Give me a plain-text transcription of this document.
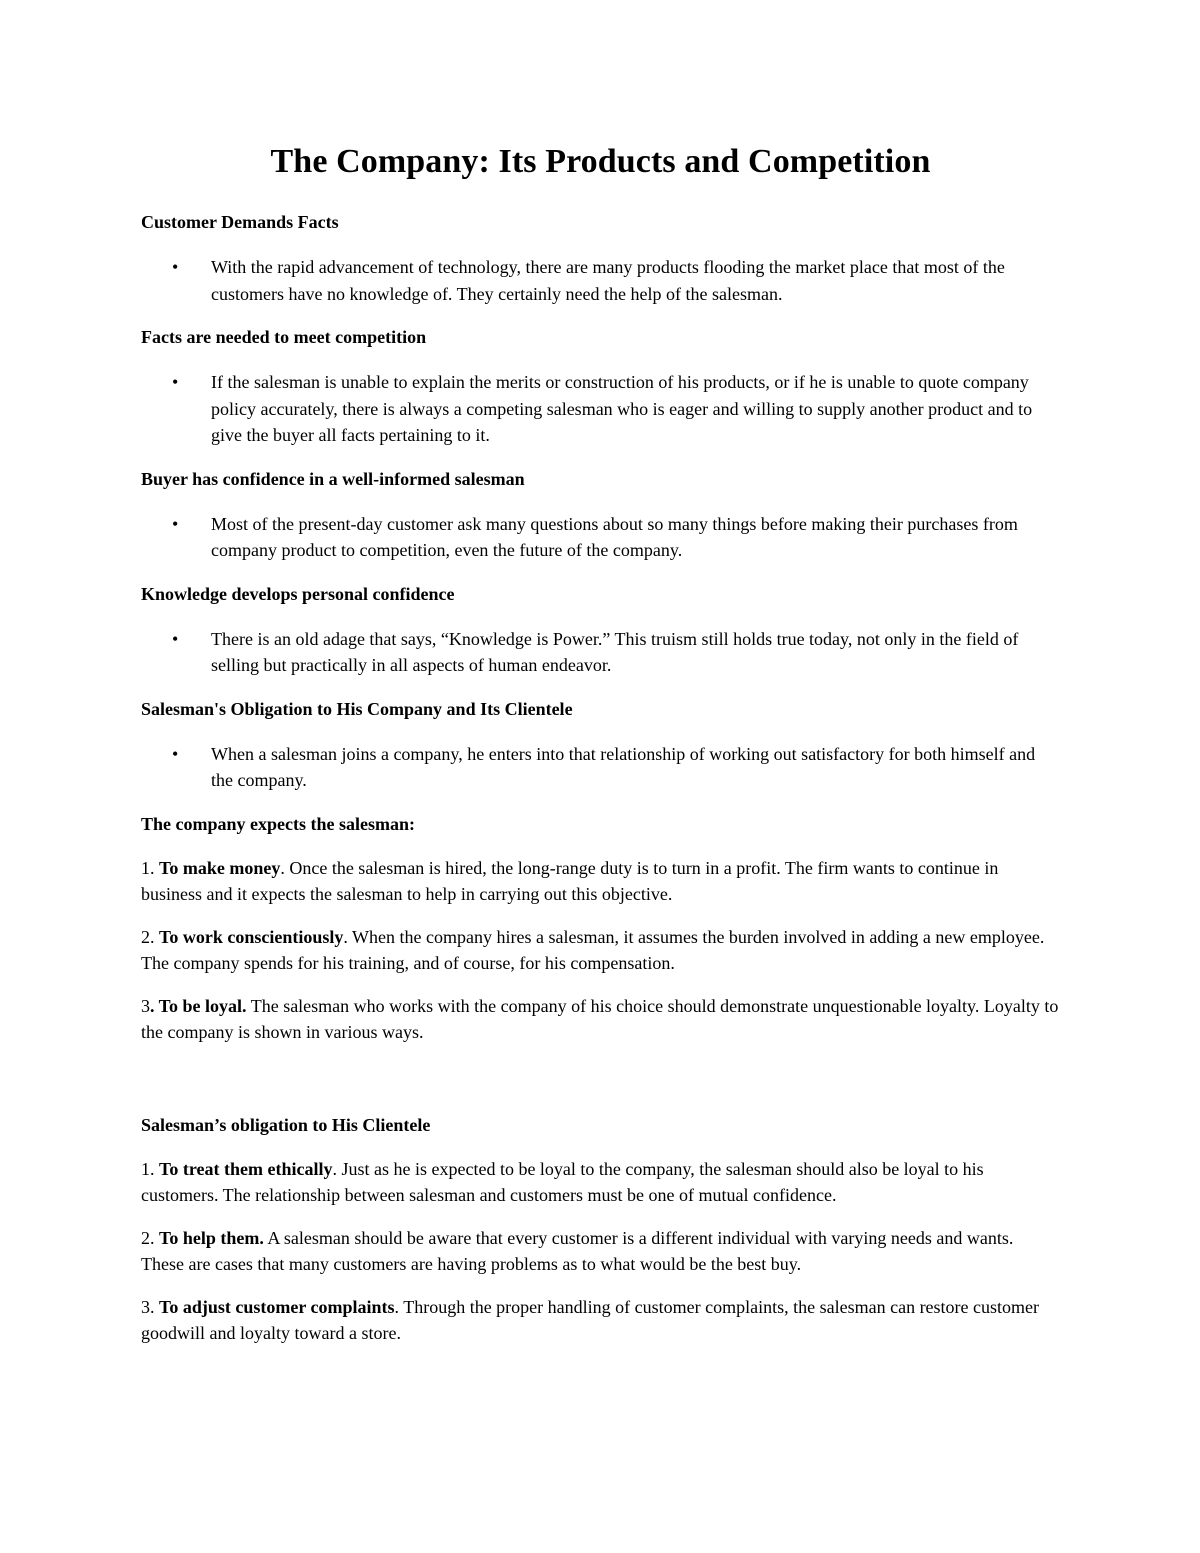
The Company: Its Products and Competition

Customer Demands Facts

• With the rapid advancement of technology, there are many products flooding the market place that most of the customers have no knowledge of. They certainly need the help of the salesman.

Facts are needed to meet competition

• If the salesman is unable to explain the merits or construction of his products, or if he is unable to quote company policy accurately, there is always a competing salesman who is eager and willing to supply another product and to give the buyer all facts pertaining to it.

Buyer has confidence in a well-informed salesman

• Most of the present-day customer ask many questions about so many things before making their purchases from company product to competition, even the future of the company.

Knowledge develops personal confidence

• There is an old adage that says, “Knowledge is Power.” This truism still holds true today, not only in the field of selling but practically in all aspects of human endeavor.

Salesman's Obligation to His Company and Its Clientele

• When a salesman joins a company, he enters into that relationship of working out satisfactory for both himself and the company.

The company expects the salesman:

1. To make money. Once the salesman is hired, the long-range duty is to turn in a profit. The firm wants to continue in business and it expects the salesman to help in carrying out this objective.

2. To work conscientiously. When the company hires a salesman, it assumes the burden involved in adding a new employee. The company spends for his training, and of course, for his compensation.

3. To be loyal. The salesman who works with the company of his choice should demonstrate unquestionable loyalty. Loyalty to the company is shown in various ways.

Salesman’s obligation to His Clientele

1. To treat them ethically. Just as he is expected to be loyal to the company, the salesman should also be loyal to his customers. The relationship between salesman and customers must be one of mutual confidence.

2. To help them. A salesman should be aware that every customer is a different individual with varying needs and wants. These are cases that many customers are having problems as to what would be the best buy.

3. To adjust customer complaints. Through the proper handling of customer complaints, the salesman can restore customer goodwill and loyalty toward a store.
